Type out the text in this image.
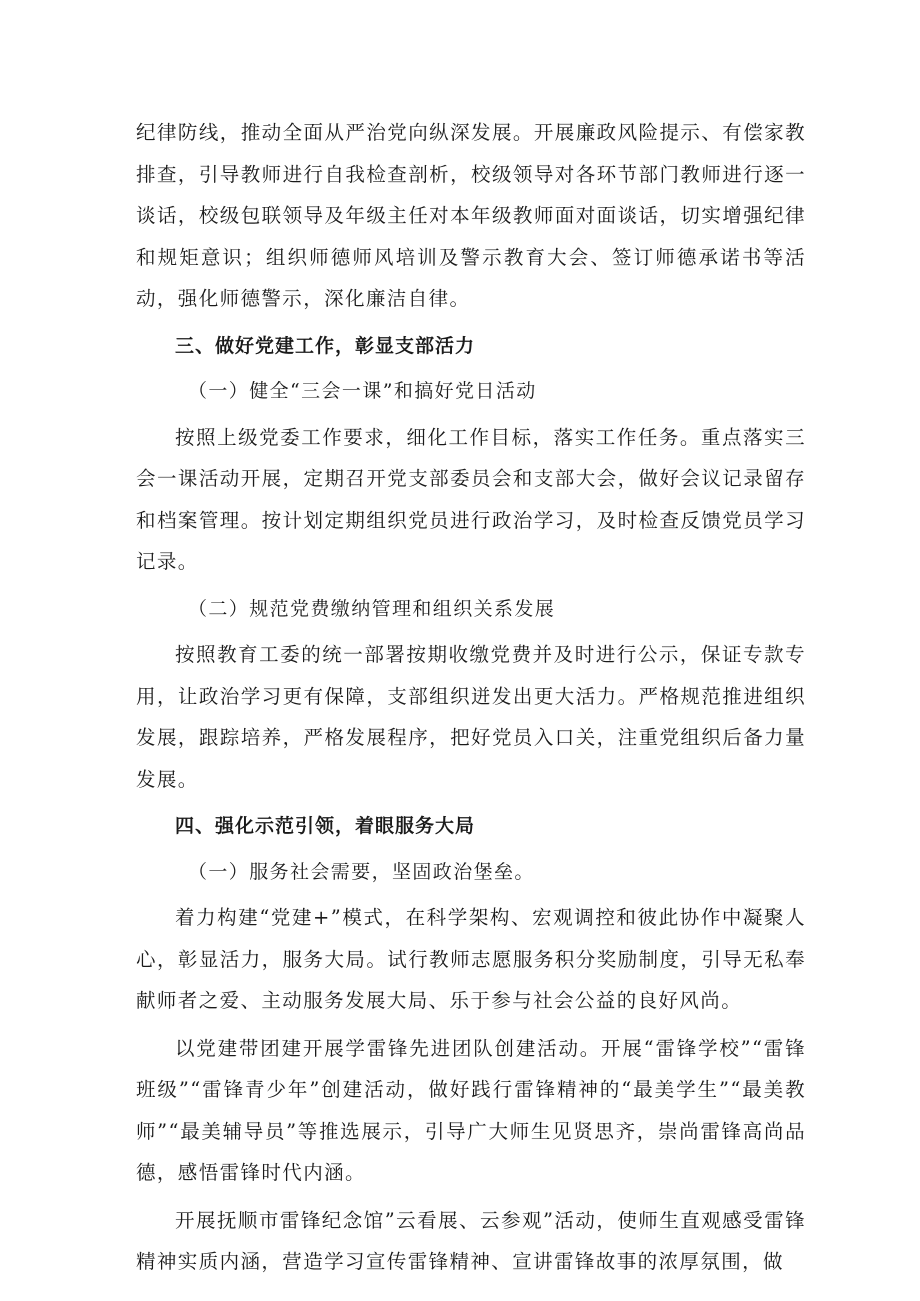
纪律防线，推动全面从严治党向纵深发展。开展廉政风险提示、有偿家教排查，引导教师进行自我检查剖析，校级领导对各环节部门教师进行逐一谈话，校级包联领导及年级主任对本年级教师面对面谈话，切实增强纪律和规矩意识；组织师德师风培训及警示教育大会、签订师德承诺书等活动，强化师德警示，深化廉洁自律。

三、做好党建工作，彰显支部活力
（一）健全“三会一课”和搞好党日活动

按照上级党委工作要求，细化工作目标，落实工作任务。重点落实三会一课活动开展，定期召开党支部委员会和支部大会，做好会议记录留存和档案管理。按计划定期组织党员进行政治学习，及时检查反馈党员学习记录。

（二）规范党费缴纳管理和组织关系发展

按照教育工委的统一部署按期收缴党费并及时进行公示，保证专款专用，让政治学习更有保障，支部组织迸发出更大活力。严格规范推进组织发展，跟踪培养，严格发展程序，把好党员入口关，注重党组织后备力量发展。

四、强化示范引领，着眼服务大局
（一）服务社会需要，坚固政治堡垒。

着力构建“党建+”模式，在科学架构、宏观调控和彼此协作中凝聚人心，彰显活力，服务大局。试行教师志愿服务积分奖励制度，引导无私奉献师者之爱、主动服务发展大局、乐于参与社会公益的良好风尚。

以党建带团建开展学雷锋先进团队创建活动。开展“雷锋学校”“雷锋班级”“雷锋青少年”创建活动，做好践行雷锋精神的“最美学生”“最美教师”“最美辅导员”等推选展示，引导广大师生见贤思齐，崇尚雷锋高尚品德，感悟雷锋时代内涵。

开展抚顺市雷锋纪念馆”云看展、云参观”活动，使师生直观感受雷锋精神实质内涵，营造学习宣传雷锋精神、宣讲雷锋故事的浓厚氛围，做
